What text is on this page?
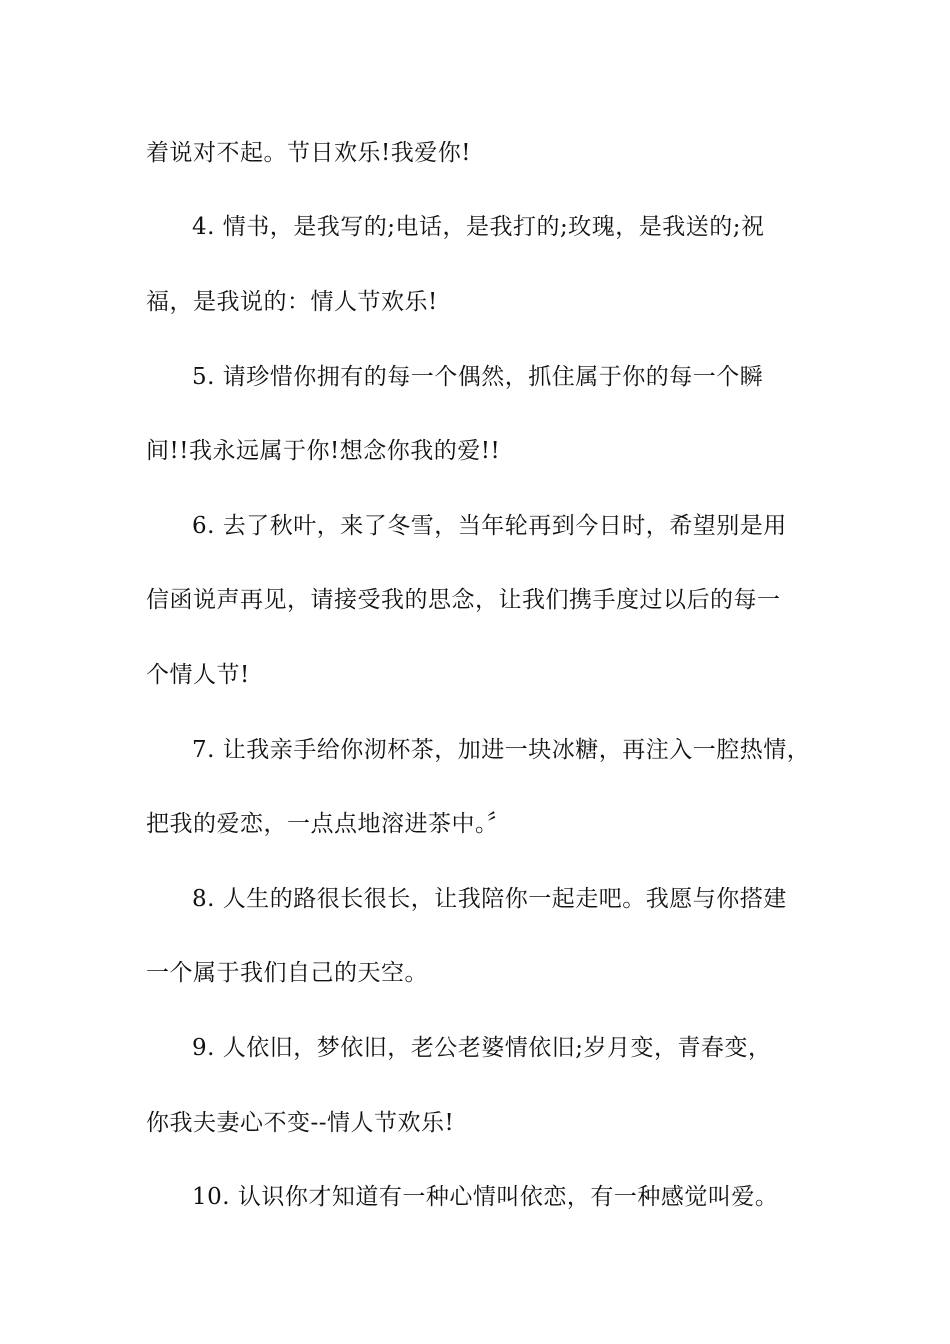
着说对不起。节日欢乐!我爱你!
4. 情书，是我写的;电话，是我打的;玫瑰，是我送的;祝
福，是我说的：情人节欢乐!
5. 请珍惜你拥有的每一个偶然，抓住属于你的每一个瞬
间!!我永远属于你!想念你我的爱!!
6. 去了秋叶，来了冬雪，当年轮再到今日时，希望别是用
信函说声再见，请接受我的思念，让我们携手度过以后的每一
个情人节!
7. 让我亲手给你沏杯茶，加进一块冰糖，再注入一腔热情，
把我的爱恋，一点点地溶进茶中。〞
8. 人生的路很长很长，让我陪你一起走吧。我愿与你搭建
一个属于我们自己的天空。
9. 人依旧，梦依旧，老公老婆情依旧;岁月变，青春变，
你我夫妻心不变--情人节欢乐!
10. 认识你才知道有一种心情叫依恋，有一种感觉叫爱。
